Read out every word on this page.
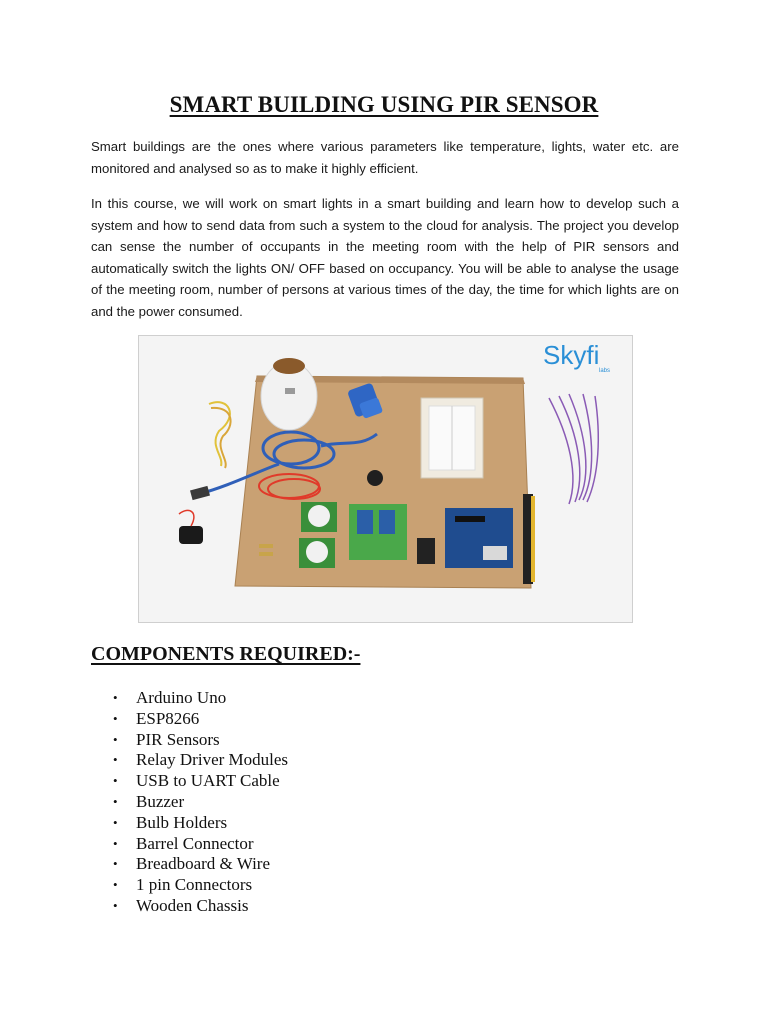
SMART BUILDING USING PIR SENSOR

Smart buildings are the ones where various parameters like temperature, lights, water etc. are monitored and analysed so as to make it highly efficient.

In this course, we will work on smart lights in a smart building and learn how to develop such a system and how to send data from such a system to the cloud for analysis. The project you develop can sense the number of occupants in the meeting room with the help of PIR sensors and automatically switch the lights ON/ OFF based on occupancy. You will be able to analyse the usage of the meeting room, number of persons at various times of the day, the time for which lights are on and the power consumed.

Skyfi
labs
COMPONENTS REQUIRED:-
• Arduino Uno
• ESP8266
• PIR Sensors
• Relay Driver Modules
• USB to UART Cable
• Buzzer
• Bulb Holders
• Barrel Connector
• Breadboard & Wire
• 1 pin Connectors
• Wooden Chassis
